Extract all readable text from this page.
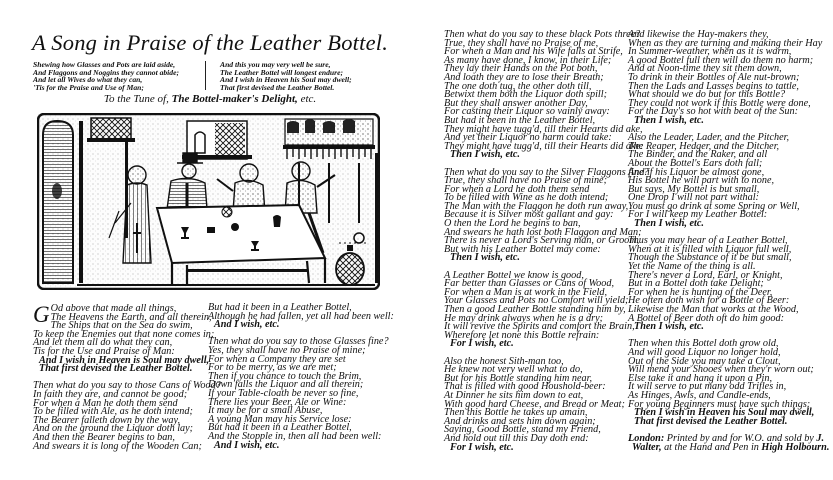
A Song in Praise of the Leather Bottel.
Shewing how Glasses and Pots are laid aside,
And Flaggons and Noggins they cannot abide;
And let all Wives do what they can,
'Tis for the Praise and Use of Man;
And this you may very well be sure,
The Leather Bottel will longest endure;
And I wish in Heaven his Soul may dwell;
That first devised the Leather Bottel.
To the Tune of, The Bottel-maker's Delight, etc.
G Od above that made all things,
The Heavens the Earth, and all therein,
The Ships that on the Sea do swim,
To keep the Enemies out that none comes in;
And let them all do what they can,
Tis for the Use and Praise of Man:
And I wish in Heaven is Soul may dwell,
That first devised the Leather Bottel.
Then what do you say to those Cans of Wood?
In faith they are, and cannot be good;
For when a Man he doth them send
To be filled with Ale, as he doth intend;
The Bearer falleth down by the way,
And on the ground the Liquor doth lay;
And then the Bearer begins to ban,
And swears it is long of the Wooden Can;
But had it been in a Leather Bottel,
Although he had fallen, yet all had been well:
And I wish, etc.
Then what do you say to those Glasses fine?
Yes, they shall have no Praise of mine;
For when a Company they are set
For to be merry, as we are met;
Then if you chance to touch the Brim,
Down falls the Liquor and all therein;
If your Table-cloath be never so fine,
There lies your Beer, Ale or Wine:
It may be for a small Abuse,
A young Man may his Service lose:
But had it been in a Leather Bottel,
And the Stopple in, then all had been well:
And I wish, etc.
Then what do you say to these black Pots three?
True, they shall have no Praise of me,
For when a Man and his Wife falls at Strife,
As many have done, I know, in their Life;
They lay their Hands on the Pot both,
And loath they are to lose their Breath;
The one doth tug, the other doth till,
Betwixt them both the Liquor doth spill;
But they shall answer another Day,
For casting their Liquor so vainly away:
But had it been in the Leather Bottel,
They might have tugg'd, till their Hearts did ake,
And yet their Liquor no harm could take:
They might have tugg'd, till their Hearts did ake:
Then I wish, etc.
Then what do you say to the Silver Flaggons fine?
True, they shall have no Praise of mine;
For when a Lord he doth them send
To be filled with Wine as he doth intend;
The Man with the Flaggon he doth run away,
Because it is Silver most gallant and gay:
O then the Lord he begins to ban,
And swears he hath lost both Flaggon and Man;
There is never a Lord's Serving man, or Groom,
But with his Leather Bottel may come:
Then I wish, etc.
A Leather Bottel we know is good,
Far better than Glasses or Cans of Wood,
For when a Man is at work in the Field,
Your Glasses and Pots no Comfort will yield;
Then a good Leather Bottle standing him by,
He may drink always when he is a dry;
It will revive the Spirits and comfort the Brain,
Wherefore let none this Bottle refrain:
For I wish, etc.
Also the honest Sith-man too,
He knew not very well what to do,
But for his Bottle standing him near,
That is filled with good Houshold-beer:
At Dinner he sits him down to eat,
With good hard Cheese, and Bread or Meat;
Then this Bottle he takes up amain,
And drinks and sets him down again;
Saying, Good Bottle, stand my Friend,
And hold out till this Day doth end:
For I wish, etc.
And likewise the Hay-makers they,
When as they are turning and making their Hay
In Summer-weather, when as it is warm,
A good Bottel full then will do them no harm;
And at Noon-time they sit them down,
To drink in their Bottles of Ale nut-brown;
Then the Lads and Lasses begins to tattle,
What should we do but for this Bottle?
They could not work if this Bottle were done,
For the Day's so hot with beat of the Sun:
Then I wish, etc.
Also the Leader, Lader, and the Pitcher,
The Reaper, Hedger, and the Ditcher,
The Binder, and the Raker, and all
About the Bottel's Ears doth fall;
And if his Liquor be almost gone,
His Bottel he will part with to none,
But says, My Bottel is but small,
One Drop I will not part withal:
You must go drink at some Spring or Well,
For I will keep my Leather Bottel:
Then I wish, etc.
Thus you may hear of a Leather Bottel,
When at it is filled with Liquor full well,
Though the Substance of it be but small,
Yet the Name of the thing is all.
There's never a Lord, Earl, or Knight,
But in a Bottel doth take Delight;
For when he is hunting of the Deer,
He often doth wish for a Bottle of Beer:
Likewise the Man that works at the Wood,
A Bottel of Beer doth oft do him good:
Then I wish, etc.
Then when this Bottel doth grow old,
And will good Liquor no longer hold,
Out of the Side you may take a Clout,
Will mend your Shooes when they'r worn out;
Else take it and hang it upon a Pin,
It will serve to put many odd Trifles in,
As Hinges, Awls, and Candle-ends,
For young Beginners must have such things:
Then I wish in Heaven his Soul may dwell,
That first devised the Leather Bottel.
London: Printed by and for W.O. and sold by J.
Walter, at the Hand and Pen in High Holbourn.
